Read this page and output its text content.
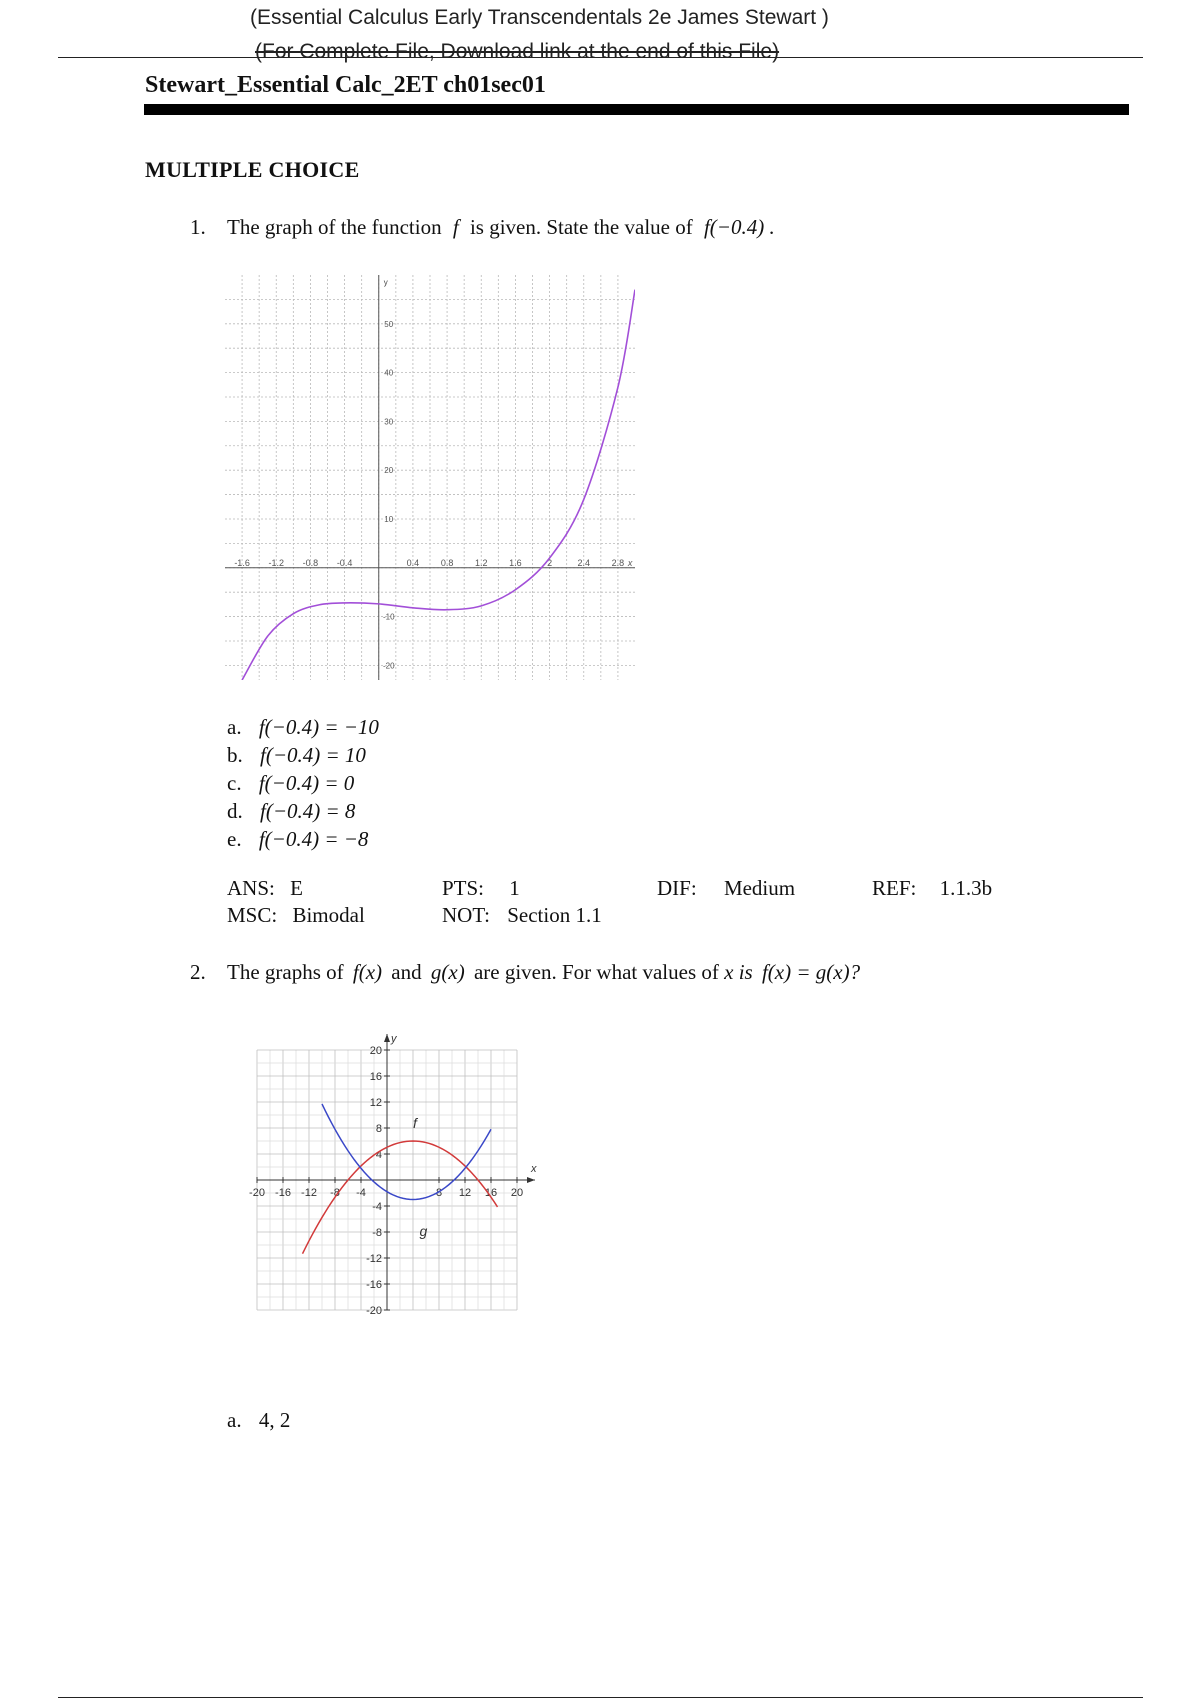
(Essential Calculus Early Transcendentals 2e James Stewart )
(For Complete File, Download link at the end of this File)
Stewart_Essential Calc_2ET ch01sec01
MULTIPLE CHOICE
1. The graph of the function f is given. State the value of f(−0.4) .
-1.6 -1.2 -0.8 -0.4	0.4 0.8 1.2 1.6	2	2.4 2.8 x
50
40
30
20
10
-10
-20
y
a. f(−0.4) = −10
b. f(−0.4) = 10
c. f(−0.4) = 0
d. f(−0.4) = 8
e. f(−0.4) = −8
ANS: E	PTS: 1	DIF: Medium	REF: 1.1.3b
MSC: Bimodal	NOT: Section 1.1
2. The graphs of f(x) and g(x) are given. For what values of x is f(x) = g(x)?
-20 -16 -12 -8 -4	8 12 16 20
20
16
12
8
4
-4
-8
-12
-16
-20
f
g
x
y
a. 4, 2
